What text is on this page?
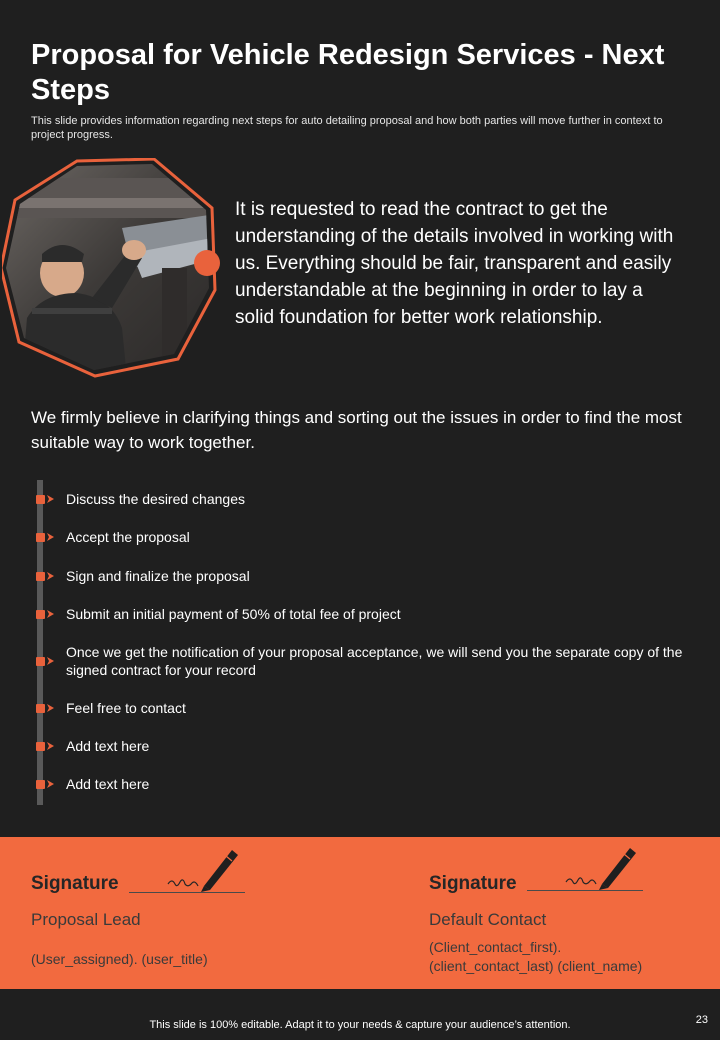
Proposal for Vehicle Redesign Services - Next Steps
This slide provides information regarding next steps for auto detailing proposal and how both parties will move further in context to project progress.
It is requested to read the contract to get the understanding of the details involved in working with us. Everything should be fair, transparent and easily understandable at the beginning in order to lay a solid foundation for better work relationship.
We firmly believe in clarifying things and sorting out the issues in order to find the most suitable way to work together.
Discuss the desired changes
Accept the proposal
Sign and finalize the proposal
Submit an initial payment of 50% of total fee of project
Once we get the notification of your proposal acceptance, we will send you the separate copy of the signed contract for your record
Feel free to contact
Add text here
Add text here
Signature
Proposal Lead
(User_assigned). (user_title)
Signature
Default Contact
(Client_contact_first). (client_contact_last) (client_name)
This slide is 100% editable. Adapt it to your needs & capture your audience’s attention.	23
